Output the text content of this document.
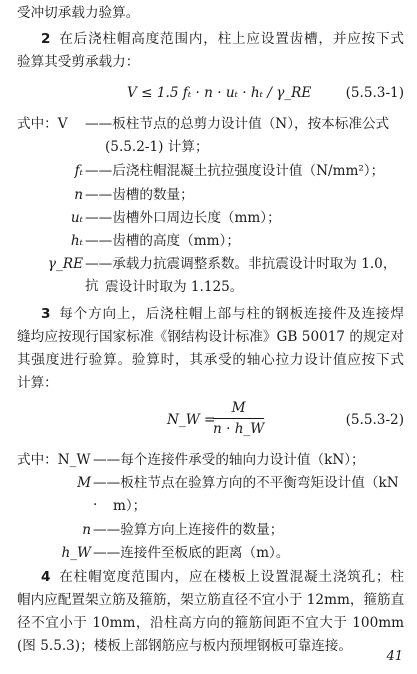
受冲切承载力验算。
2 在后浇柱帽高度范围内，柱上应设置齿槽，并应按下式
验算其受剪承载力：
V ≤ 1.5 fₜ · n · uₜ · hₜ / γ_RE	(5.5.3-1)
式中：V ——板柱节点的总剪力设计值（N），按本标准公式
(5.5.2-1) 计算；
fₜ ——后浇柱帽混凝土抗拉强度设计值（N/mm²）；
n ——齿槽的数量；
uₜ ——齿槽外口周边长度（mm）；
hₜ ——齿槽的高度（mm）；
γ_RE ——承载力抗震调整系数。非抗震设计时取为 1.0，抗 震设计时取为 1.125。
3 每个方向上，后浇柱帽上部与柱的钢板连接件及连接焊
缝均应按现行国家标准《钢结构设计标准》GB 50017 的规定对
其强度进行验算。验算时，其承受的轴心拉力设计值应按下式
计算：
N_W =
$\frac{M}{n \cdot h\_W}$	(5.5.3-2)
式中：N_W ——每个连接件承受的轴向力设计值（kN）；
M ——板柱节点在验算方向的不平衡弯矩设计值（kN ·	m）；
n ——验算方向上连接件的数量；
h_W ——连接件至板底的距离（m）。
4 在柱帽宽度范围内，应在楼板上设置混凝土浇筑孔；柱
帽内应配置架立筋及箍筋，架立筋直径不宜小于 12mm，箍筋直
径不宜小于 10mm，沿柱高方向的箍筋间距不宜大于 100mm
(图 5.5.3)；楼板上部钢筋应与板内预埋钢板可靠连接。
41
